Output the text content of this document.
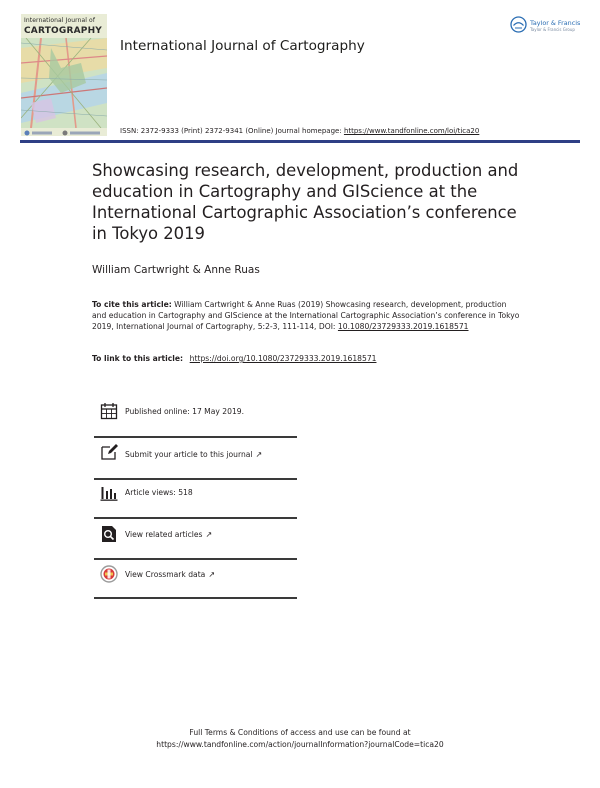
International Journal of
CARTOGRAPHY
International Journal of Cartography
ISSN: 2372-9333 (Print) 2372-9341 (Online) Journal homepage: https://www.tandfonline.com/loi/tica20
Taylor & Francis
Taylor & Francis Group
Showcasing research, development, production and education in Cartography and GIScience at the International Cartographic Association’s conference in Tokyo 2019
William Cartwright & Anne Ruas
To cite this article: William Cartwright & Anne Ruas (2019) Showcasing research, development, production and education in Cartography and GIScience at the International Cartographic Association’s conference in Tokyo 2019, International Journal of Cartography, 5:2-3, 111-114, DOI: 10.1080/23729333.2019.1618571
To link to this article: https://doi.org/10.1080/23729333.2019.1618571
Published online: 17 May 2019.
Submit your article to this journal ↗
Article views: 518
View related articles ↗
View Crossmark data ↗
Full Terms & Conditions of access and use can be found at
https://www.tandfonline.com/action/journalInformation?journalCode=tica20
